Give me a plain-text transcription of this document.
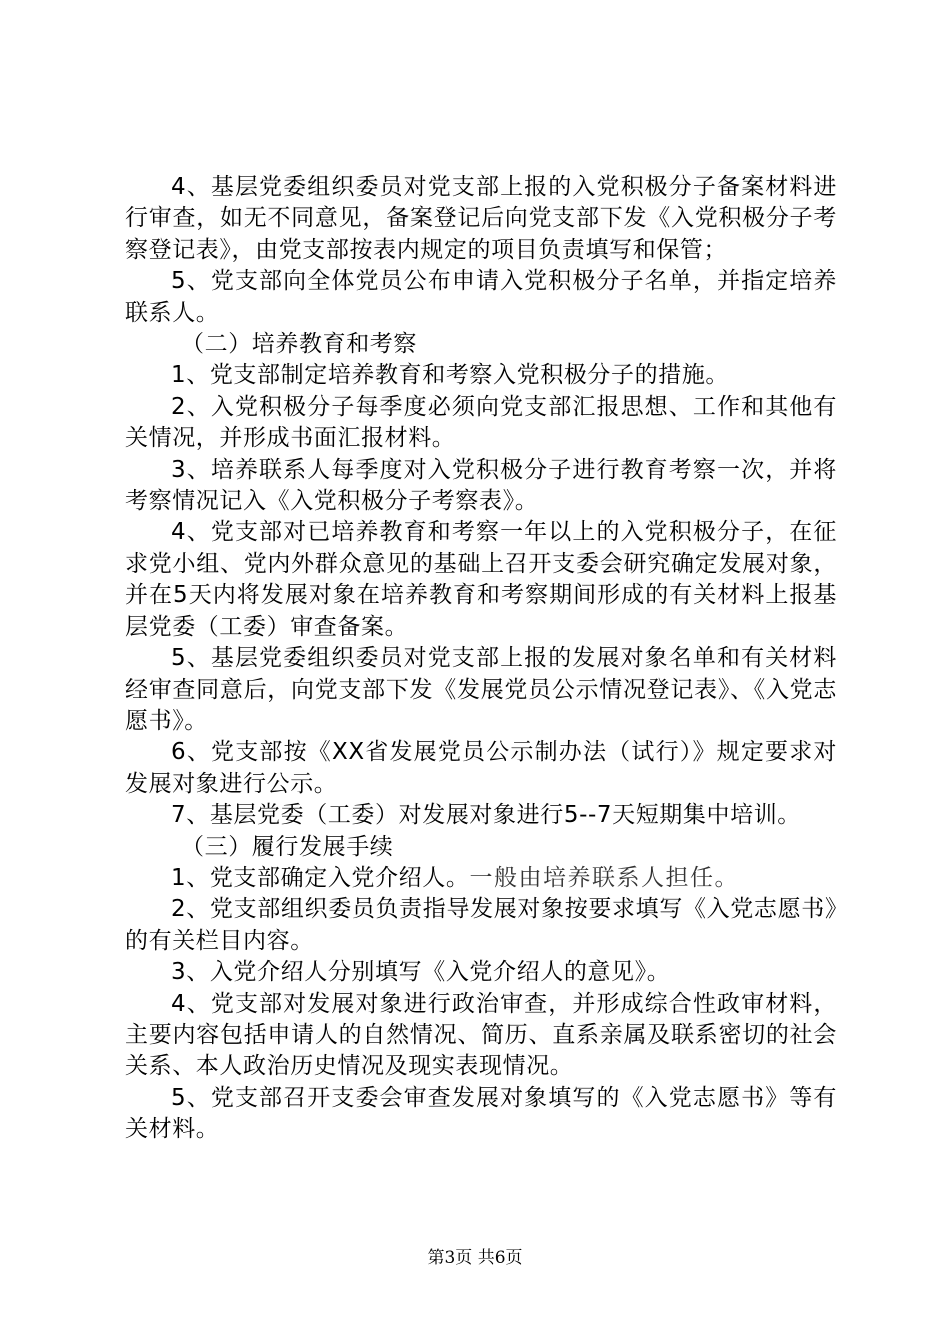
4、基层党委组织委员对党支部上报的入党积极分子备案材料进行审查，如无不同意见，备案登记后向党支部下发《入党积极分子考察登记表》，由党支部按表内规定的项目负责填写和保管；

5、党支部向全体党员公布申请入党积极分子名单，并指定培养联系人。

（二）培养教育和考察

1、党支部制定培养教育和考察入党积极分子的措施。

2、入党积极分子每季度必须向党支部汇报思想、工作和其他有关情况，并形成书面汇报材料。

3、培养联系人每季度对入党积极分子进行教育考察一次，并将考察情况记入《入党积极分子考察表》。

4、党支部对已培养教育和考察一年以上的入党积极分子，在征求党小组、党内外群众意见的基础上召开支委会研究确定发展对象，并在5天内将发展对象在培养教育和考察期间形成的有关材料上报基层党委（工委）审查备案。

5、基层党委组织委员对党支部上报的发展对象名单和有关材料经审查同意后，向党支部下发《发展党员公示情况登记表》、《入党志愿书》。

6、党支部按《XX省发展党员公示制办法（试行）》规定要求对发展对象进行公示。

7、基层党委（工委）对发展对象进行5--7天短期集中培训。

（三）履行发展手续

1、党支部确定入党介绍人。一般由培养联系人担任。

2、党支部组织委员负责指导发展对象按要求填写《入党志愿书》的有关栏目内容。

3、入党介绍人分别填写《入党介绍人的意见》。

4、党支部对发展对象进行政治审查，并形成综合性政审材料，主要内容包括申请人的自然情况、简历、直系亲属及联系密切的社会关系、本人政治历史情况及现实表现情况。

5、党支部召开支委会审查发展对象填写的《入党志愿书》等有关材料。

第3页 共6页
